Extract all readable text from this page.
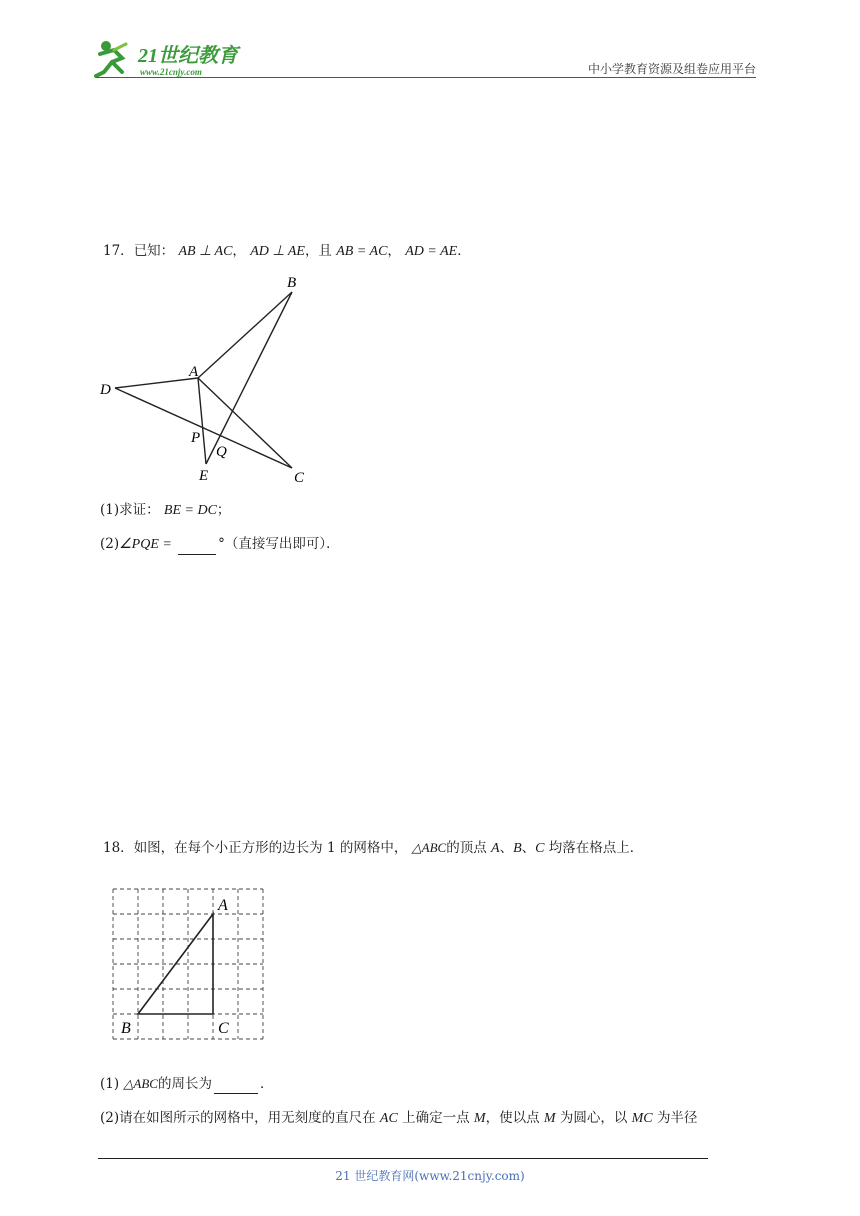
21世纪教育
www.21cnjy.com	中小学教育资源及组卷应用平台
17．已知： AB ⊥ AC， AD ⊥ AE，且 AB = AC， AD = AE．
B
A
D
P
Q
E	C
(1)求证： BE = DC；
(2)∠PQE =	°（直接写出即可）．
18．如图，在每个小正方形的边长为 1 的网格中， △ABC的顶点 A、B、C 均落在格点上．
A
B	C
(1) △ABC的周长为	．
(2)请在如图所示的网格中，用无刻度的直尺在 AC 上确定一点 M，使以点 M 为圆心，以 MC 为半径
21 世纪教育网(www.21cnjy.com)
